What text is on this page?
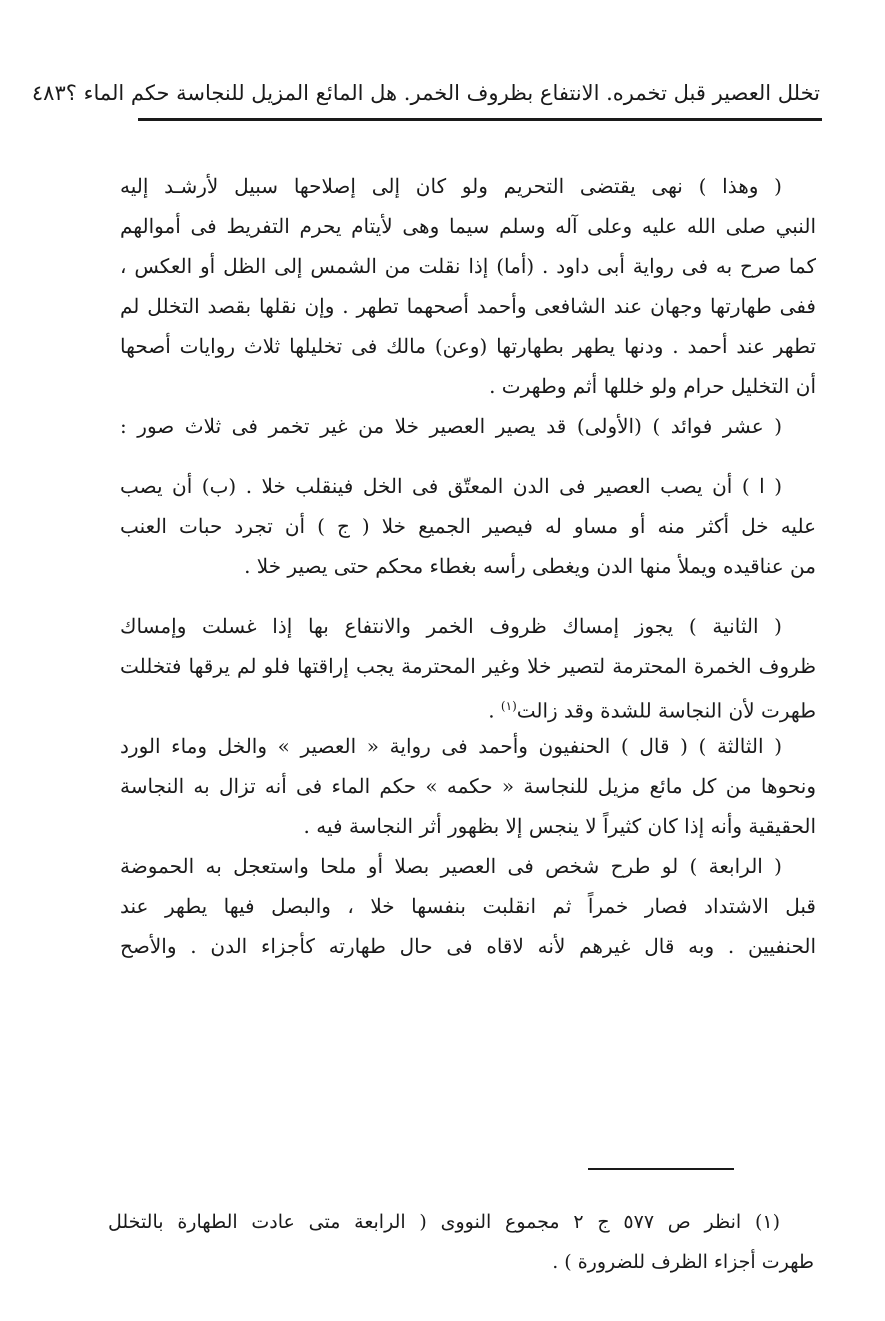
تخلل العصير قبل تخمره. الانتفاع بظروف الخمر. هل المائع المزيل للنجاسة حكم الماء ؟
٤٨٣
( وهذا ) نهى يقتضى التحريم ولو كان إلى إصلاحها سبيل لأرشـد إليه
النبي صلى الله عليه وعلى آله وسلم سيما وهى لأيتام يحرم التفريط فى أموالهم
كما صرح به فى رواية أبى داود . (أما) إذا نقلت من الشمس إلى الظل أو العكس ،
ففى طهارتها وجهان عند الشافعى وأحمد أصحهما تطهر . وإن نقلها بقصد التخلل لم
تطهر عند أحمد . ودنها يطهر بطهارتها (وعن) مالك فى تخليلها ثلاث روايات أصحها
أن التخليل حرام ولو خللها أثم وطهرت .
( عشر فوائد ) (الأولى) قد يصير العصير خلا من غير تخمر فى ثلاث صور :
( ا ) أن يصب العصير فى الدن المعتّق فى الخل فينقلب خلا . (ب) أن يصب
عليه خل أكثر منه أو مساو له فيصير الجميع خلا ( ج ) أن تجرد حبات العنب
من عناقيده ويملأ منها الدن ويغطى رأسه بغطاء محكم حتى يصير خلا .
( الثانية ) يجوز إمساك ظروف الخمر والانتفاع بها إذا غسلت وإمساك
ظروف الخمرة المحترمة لتصير خلا وغير المحترمة يجب إراقتها فلو لم يرقها فتخللت
طهرت لأن النجاسة للشدة وقد زالت$^{(١)}$ .
( الثالثة ) ( قال ) الحنفيون وأحمد فى رواية « العصير » والخل وماء الورد
ونحوها من كل مائع مزيل للنجاسة « حكمه » حكم الماء فى أنه تزال به النجاسة
الحقيقية وأنه إذا كان كثيراً لا ينجس إلا بظهور أثر النجاسة فيه .
( الرابعة ) لو طرح شخص فى العصير بصلا أو ملحا واستعجل به الحموضة
قبل الاشتداد فصار خمراً ثم انقلبت بنفسها خلا ، والبصل فيها يطهر عند
الحنفيين . وبه قال غيرهم لأنه لاقاه فى حال طهارته كأجزاء الدن . والأصح
(١) انظر ص ٥٧٧ ج ٢ مجموع النووى ( الرابعة متى عادت الطهارة بالتخلل
طهرت أجزاء الظرف للضرورة ) .
